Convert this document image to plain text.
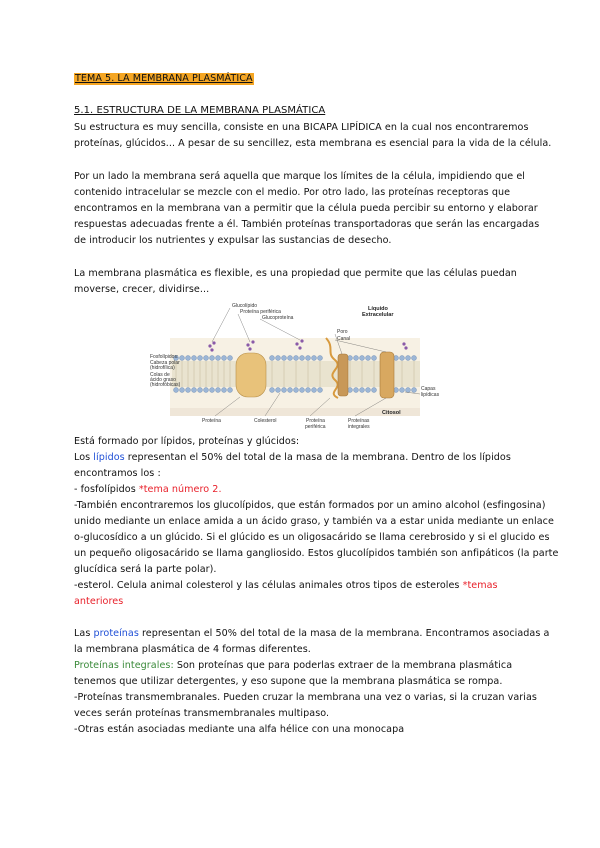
TEMA 5. LA MEMBRANA PLASMÁTICA
5.1. ESTRUCTURA DE LA MEMBRANA PLASMÁTICA
Su estructura es muy sencilla, consiste en una BICAPA LIPÍDICA en la cual nos encontraremos
proteínas, glúcidos... A pesar de su sencillez, esta membrana es esencial para la vida de la célula.
Por un lado la membrana será aquella que marque los límites de la célula, impidiendo que el
contenido intracelular se mezcle con el medio. Por otro lado, las proteínas receptoras que
encontramos en la membrana van a permitir que la célula pueda percibir su entorno y elaborar
respuestas adecuadas frente a él. También proteínas transportadoras que serán las encargadas
de introducir los nutrientes y expulsar las sustancias de desecho.
La membrana plasmática es flexible, es una propiedad que permite que las células puedan
moverse, crecer, dividirse...
Glucolípido
Proteína periférica
Glucoproteína
Líquido
Extracelular
Poro
Canal
Fosfolípidos:
Cabeza polar
(hidrofílica)
Colas de
ácido graso
(hidrofóbicas)
Capas
lipídicas
Citosol
Proteína	Colesterol	Proteína
periférica
Proteínas
integrales
Está formado por lípidos, proteínas y glúcidos:
Los lípidos representan el 50% del total de la masa de la membrana. Dentro de los lípidos
encontramos los :
- fosfolípidos *tema número 2.
-También encontraremos los glucolípidos, que están formados por un amino alcohol (esfingosina)
unido mediante un enlace amida a un ácido graso, y también va a estar unida mediante un enlace
o-glucosídico a un glúcido. Si el glúcido es un oligosacárido se llama cerebrosido y si el glucido es
un pequeño oligosacárido se llama gangliosido. Estos glucolípidos también son anfipáticos (la parte
glucídica será la parte polar).
-esterol. Celula animal colesterol y las células animales otros tipos de esteroles *temas
anteriores
Las proteínas representan el 50% del total de la masa de la membrana. Encontramos asociadas a
la membrana plasmática de 4 formas diferentes.
Proteínas integrales: Son proteínas que para poderlas extraer de la membrana plasmática
tenemos que utilizar detergentes, y eso supone que la membrana plasmática se rompa.
-Proteínas transmembranales. Pueden cruzar la membrana una vez o varias, si la cruzan varias
veces serán proteínas transmembranales multipaso.
-Otras están asociadas mediante una alfa hélice con una monocapa
